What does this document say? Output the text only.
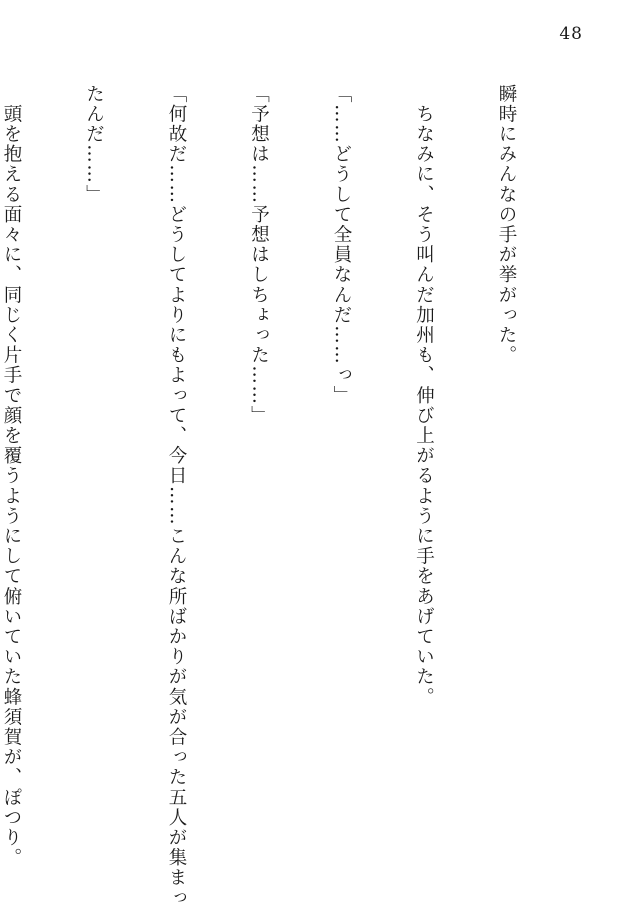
48

瞬時にみんなの手が挙がった。

　ちなみに、そう叫んだ加州も、伸び上がるように手をあげていた。

「……どうして全員なんだ……っ」

「予想は……予想はしちょった……」

「何故だ……どうしてよりにもよって、今日……こんな所ばかりが気が合った五人が集まっ

たんだ……」

　頭を抱える面々に、同じく片手で顔を覆うようにして俯いていた蜂須賀が、ぽつり。
